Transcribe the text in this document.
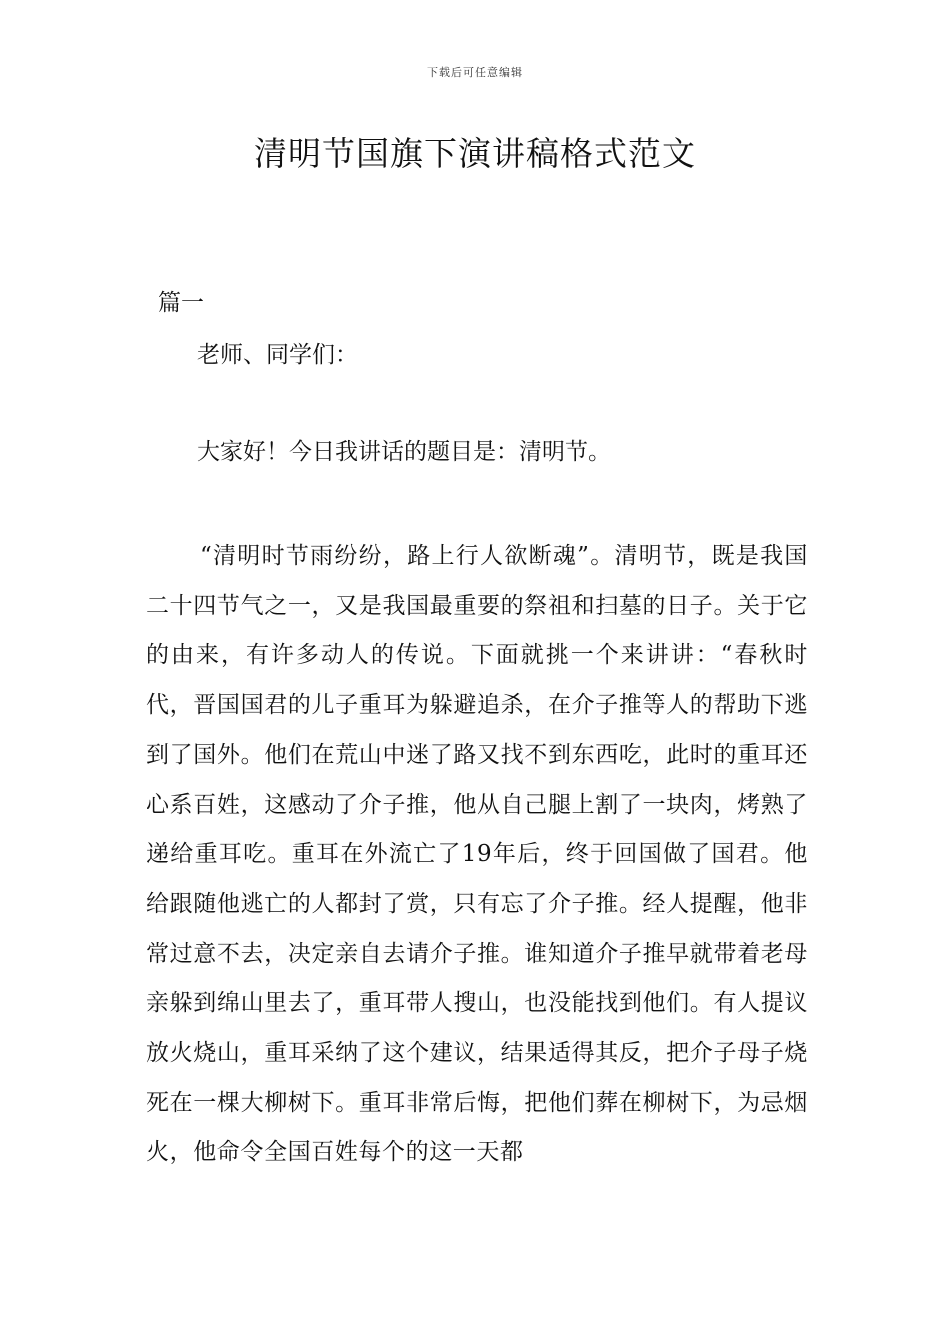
下载后可任意编辑
清明节国旗下演讲稿格式范文
篇一
老师、同学们：
大家好！今日我讲话的题目是：清明节。

“清明时节雨纷纷，路上行人欲断魂”。清明节，既是我国二十四节气之一，又是我国最重要的祭祖和扫墓的日子。关于它的由来，有许多动人的传说。下面就挑一个来讲讲：“春秋时代，晋国国君的儿子重耳为躲避追杀，在介子推等人的帮助下逃到了国外。他们在荒山中迷了路又找不到东西吃，此时的重耳还心系百姓，这感动了介子推，他从自己腿上割了一块肉，烤熟了递给重耳吃。重耳在外流亡了19年后，终于回国做了国君。他给跟随他逃亡的人都封了赏，只有忘了介子推。经人提醒，他非常过意不去，决定亲自去请介子推。谁知道介子推早就带着老母亲躲到绵山里去了，重耳带人搜山，也没能找到他们。有人提议放火烧山，重耳采纳了这个建议，结果适得其反，把介子母子烧死在一棵大柳树下。重耳非常后悔，把他们葬在柳树下，为忌烟火，他命令全国百姓每个的这一天都
